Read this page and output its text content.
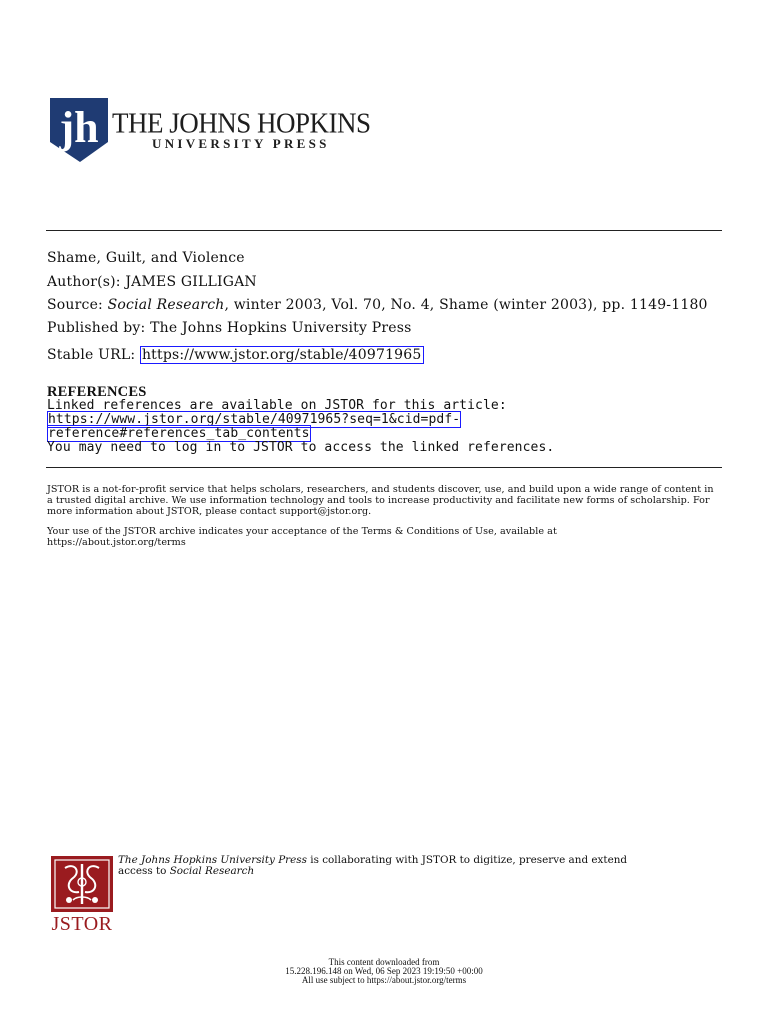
jh THE JOHNS HOPKINS
UNIVERSITY PRESS
Shame, Guilt, and Violence
Author(s): JAMES GILLIGAN
Source: Social Research, winter 2003, Vol. 70, No. 4, Shame (winter 2003), pp. 1149-1180
Published by: The Johns Hopkins University Press
Stable URL: https://www.jstor.org/stable/40971965
REFERENCES
Linked references are available on JSTOR for this article:
https://www.jstor.org/stable/40971965?seq=1&cid=pdf-
reference#references_tab_contents
You may need to log in to JSTOR to access the linked references.
JSTOR is a not-for-profit service that helps scholars, researchers, and students discover, use, and build upon a wide range of content in a trusted digital archive. We use information technology and tools to increase productivity and facilitate new forms of scholarship. For more information about JSTOR, please contact support@jstor.org.
Your use of the JSTOR archive indicates your acceptance of the Terms & Conditions of Use, available at https://about.jstor.org/terms
JSTOR
The Johns Hopkins University Press is collaborating with JSTOR to digitize, preserve and extend access to Social Research
This content downloaded from
15.228.196.148 on Wed, 06 Sep 2023 19:19:50 +00:00
All use subject to https://about.jstor.org/terms
